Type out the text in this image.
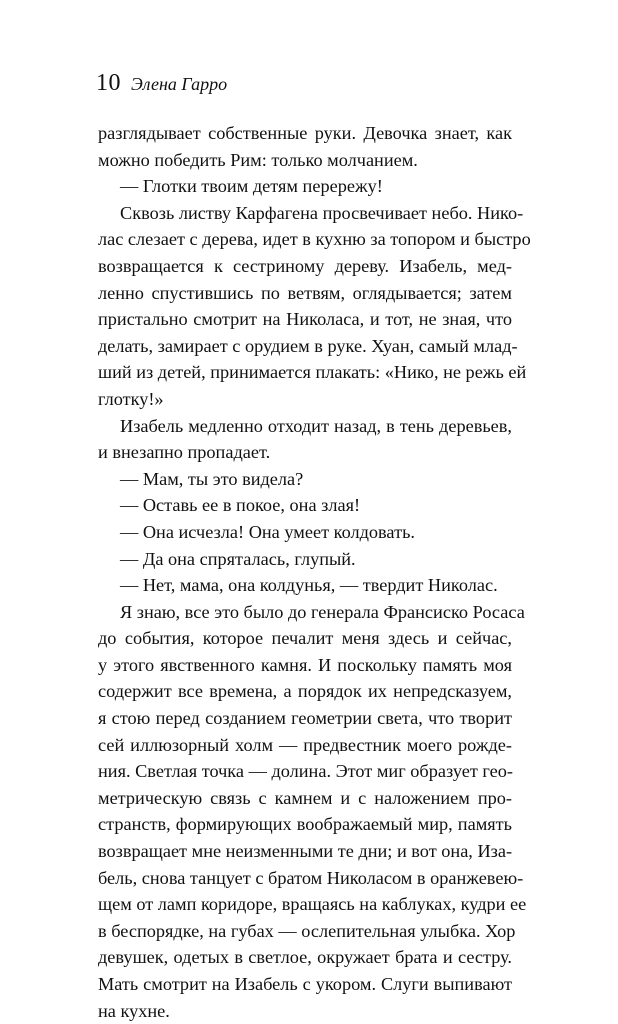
10 Элена Гарро
разглядывает собственные руки. Девочка знает, как
можно победить Рим: только молчанием.
— Глотки твоим детям перережу!
Сквозь листву Карфагена просвечивает небо. Нико-
лас слезает с дерева, идет в кухню за топором и быстро
возвращается к сестриному дереву. Изабель, мед-
ленно спустившись по ветвям, оглядывается; затем
пристально смотрит на Николаса, и тот, не зная, что
делать, замирает с орудием в руке. Хуан, самый млад-
ший из детей, принимается плакать: «Нико, не режь ей
глотку!»
Изабель медленно отходит назад, в тень деревьев,
и внезапно пропадает.
— Мам, ты это видела?
— Оставь ее в покое, она злая!
— Она исчезла! Она умеет колдовать.
— Да она спряталась, глупый.
— Нет, мама, она колдунья, — твердит Николас.
Я знаю, все это было до генерала Франсиско Росаса
до события, которое печалит меня здесь и сейчас,
у этого явственного камня. И поскольку память моя
содержит все времена, а порядок их непредсказуем,
я стою перед созданием геометрии света, что творит
сей иллюзорный холм — предвестник моего рожде-
ния. Светлая точка — долина. Этот миг образует гео-
метрическую связь с камнем и с наложением про-
странств, формирующих воображаемый мир, память
возвращает мне неизменными те дни; и вот она, Иза-
бель, снова танцует с братом Николасом в оранжевею-
щем от ламп коридоре, вращаясь на каблуках, кудри ее
в беспорядке, на губах — ослепительная улыбка. Хор
девушек, одетых в светлое, окружает брата и сестру.
Мать смотрит на Изабель с укором. Слуги выпивают
на кухне.
